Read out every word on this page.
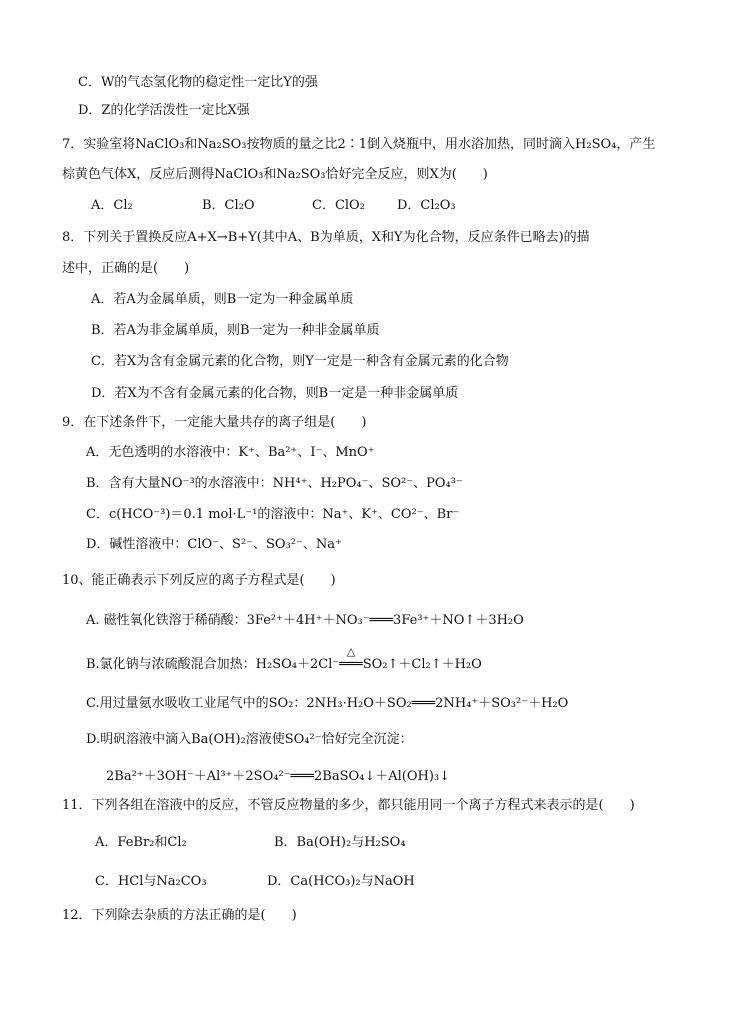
C．W的气态氢化物的稳定性一定比Y的强
D．Z的化学活泼性一定比X强
7．实验室将NaClO₃和Na₂SO₃按物质的量之比2∶1倒入烧瓶中，用水浴加热，同时滴入H₂SO₄，产生
棕黄色气体X，反应后测得NaClO₃和Na₂SO₃恰好完全反应，则X为(　　)
A．Cl₂	B．Cl₂O	C．ClO₂ D．Cl₂O₃
8．下列关于置换反应A+X→B+Y(其中A、B为单质，X和Y为化合物，反应条件已略去)的描
述中，正确的是(　　)
A．若A为金属单质，则B一定为一种金属单质
B．若A为非金属单质，则B一定为一种非金属单质
C．若X为含有金属元素的化合物，则Y一定是一种含有金属元素的化合物
D．若X为不含有金属元素的化合物，则B一定是一种非金属单质
9．在下述条件下，一定能大量共存的离子组是(　　)
A．无色透明的水溶液中：K⁺、Ba²⁺、I⁻、MnO⁺
B．含有大量NO⁻³的水溶液中：NH⁴⁺、H₂PO₄⁻、SO²⁻、PO₄³⁻
C．c(HCO⁻³)＝0.1 mol·L⁻¹的溶液中：Na⁺、K⁺、CO²⁻、Br⁻
D．碱性溶液中：ClO⁻、S²⁻、SO₃²⁻、Na⁺
10、能正确表示下列反应的离子方程式是(　　)
A. 磁性氧化铁溶于稀硝酸：3Fe²⁺＋4H⁺＋NO₃⁻═══3Fe³⁺＋NO↑＋3H₂O
B.氯化钠与浓硫酸混合加热：H₂SO₄＋2Cl⁻
△
═══SO₂↑＋Cl₂↑＋H₂O
C.用过量氨水吸收工业尾气中的SO₂：2NH₃·H₂O＋SO₂═══2NH₄⁺＋SO₃²⁻＋H₂O
D.明矾溶液中滴入Ba(OH)₂溶液使SO₄²⁻恰好完全沉淀：
2Ba²⁺＋3OH⁻＋Al³⁺＋2SO₄²⁻═══2BaSO₄↓＋Al(OH)₃↓
11．下列各组在溶液中的反应，不管反应物量的多少，都只能用同一个离子方程式来表示的是(　　)
A．FeBr₂和Cl₂	B．Ba(OH)₂与H₂SO₄
C．HCl与Na₂CO₃	D．Ca(HCO₃)₂与NaOH
12．下列除去杂质的方法正确的是(　　)
